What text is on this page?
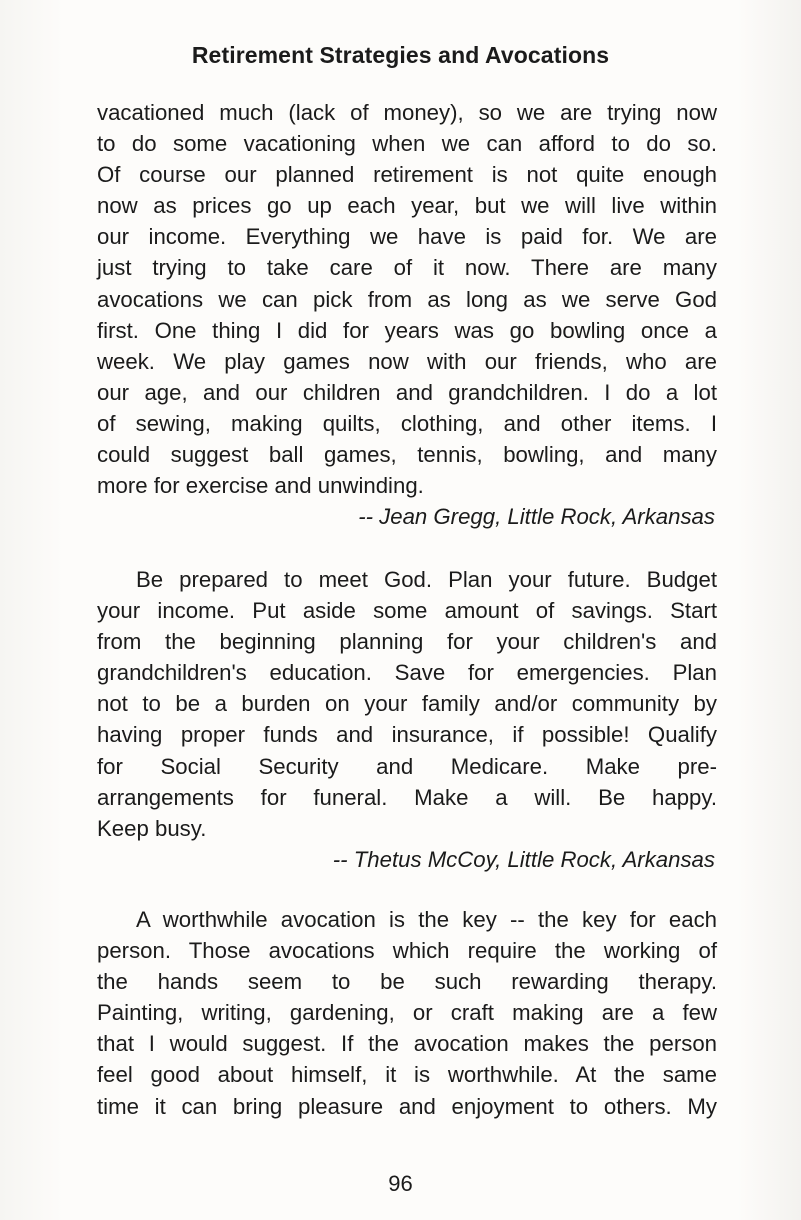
Retirement Strategies and Avocations
vacationed much (lack of money), so we are trying now
to do some vacationing when we can afford to do so.
Of course our planned retirement is not quite enough
now as prices go up each year, but we will live within
our income. Everything we have is paid for. We are
just trying to take care of it now. There are many
avocations we can pick from as long as we serve God
first. One thing I did for years was go bowling once a
week. We play games now with our friends, who are
our age, and our children and grandchildren. I do a lot
of sewing, making quilts, clothing, and other items. I
could suggest ball games, tennis, bowling, and many
more for exercise and unwinding.
-- Jean Gregg, Little Rock, Arkansas
Be prepared to meet God. Plan your future. Budget
your income. Put aside some amount of savings. Start
from the beginning planning for your children's and
grandchildren's education. Save for emergencies. Plan
not to be a burden on your family and/or community by
having proper funds and insurance, if possible! Qualify
for Social Security and Medicare. Make pre-
arrangements for funeral. Make a will. Be happy.
Keep busy.
-- Thetus McCoy, Little Rock, Arkansas
A worthwhile avocation is the key -- the key for each
person. Those avocations which require the working of
the hands seem to be such rewarding therapy.
Painting, writing, gardening, or craft making are a few
that I would suggest. If the avocation makes the person
feel good about himself, it is worthwhile. At the same
time it can bring pleasure and enjoyment to others. My
96
